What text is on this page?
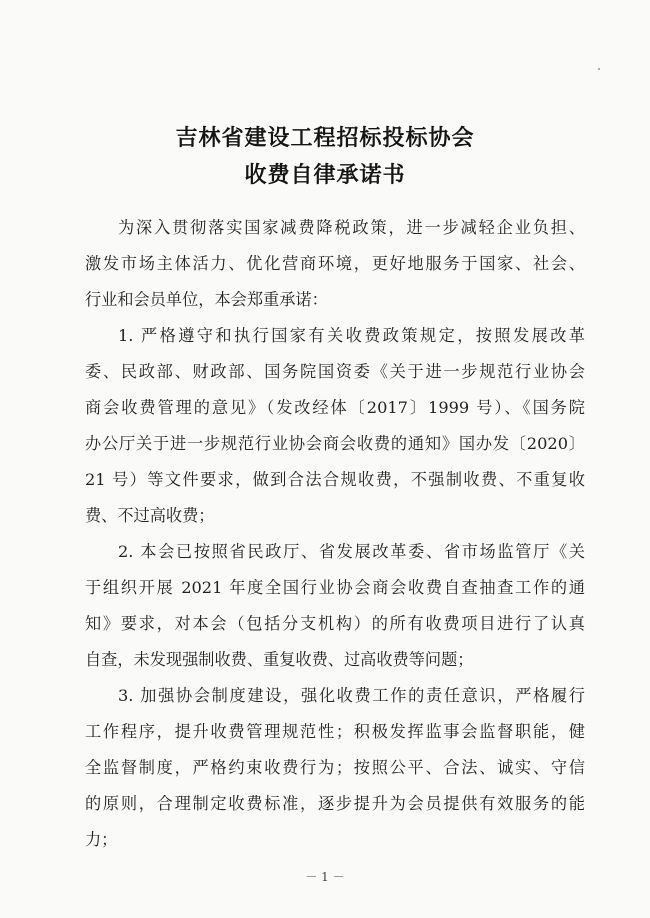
吉林省建设工程招标投标协会
收费自律承诺书
为深入贯彻落实国家减费降税政策，进一步减轻企业负担、
激发市场主体活力、优化营商环境，更好地服务于国家、社会、
行业和会员单位，本会郑重承诺：
1. 严格遵守和执行国家有关收费政策规定，按照发展改革
委、民政部、财政部、国务院国资委《关于进一步规范行业协会
商会收费管理的意见》（发改经体〔2017〕1999 号）、《国务院
办公厅关于进一步规范行业协会商会收费的通知》国办发〔2020〕
21 号）等文件要求，做到合法合规收费，不强制收费、不重复收
费、不过高收费；
2. 本会已按照省民政厅、省发展改革委、省市场监管厅《关
于组织开展 2021 年度全国行业协会商会收费自查抽查工作的通
知》要求，对本会（包括分支机构）的所有收费项目进行了认真
自查，未发现强制收费、重复收费、过高收费等问题；
3. 加强协会制度建设，强化收费工作的责任意识，严格履行
工作程序，提升收费管理规范性；积极发挥监事会监督职能，健
全监督制度，严格约束收费行为；按照公平、合法、诚实、守信
的原则，合理制定收费标准，逐步提升为会员提供有效服务的能
力；
－ 1 －
